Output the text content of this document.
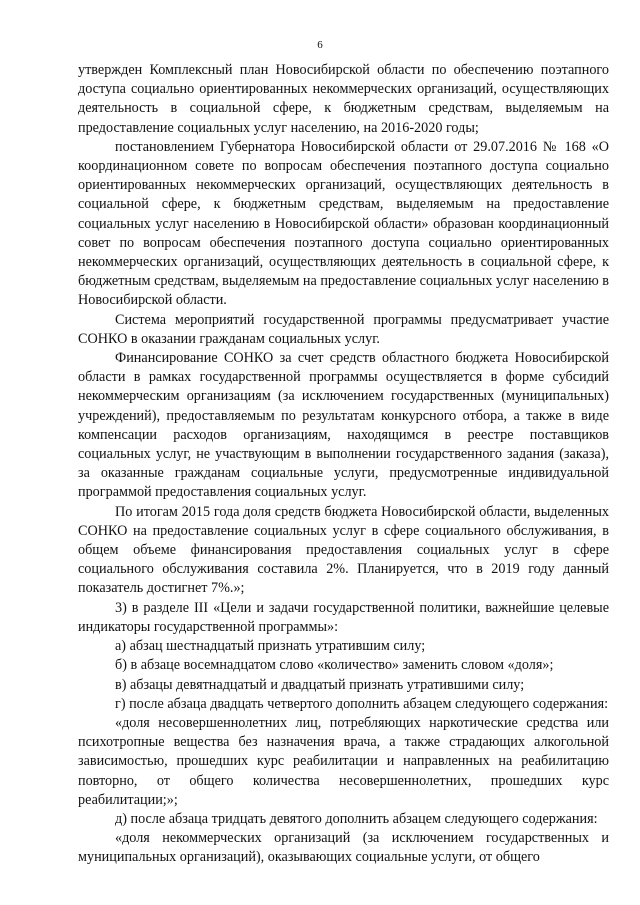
6

утвержден Комплексный план Новосибирской области по обеспечению поэтапного доступа социально ориентированных некоммерческих организаций, осуществляющих деятельность в социальной сфере, к бюджетным средствам, выделяемым на предоставление социальных услуг населению, на 2016-2020 годы;

постановлением Губернатора Новосибирской области от 29.07.2016 № 168 «О координационном совете по вопросам обеспечения поэтапного доступа социально ориентированных некоммерческих организаций, осуществляющих деятельность в социальной сфере, к бюджетным средствам, выделяемым на предоставление социальных услуг населению в Новосибирской области» образован координационный совет по вопросам обеспечения поэтапного доступа социально ориентированных некоммерческих организаций, осуществляющих деятельность в социальной сфере, к бюджетным средствам, выделяемым на предоставление социальных услуг населению в Новосибирской области.

Система мероприятий государственной программы предусматривает участие СОНКО в оказании гражданам социальных услуг.

Финансирование СОНКО за счет средств областного бюджета Новосибирской области в рамках государственной программы осуществляется в форме субсидий некоммерческим организациям (за исключением государственных (муниципальных) учреждений), предоставляемым по результатам конкурсного отбора, а также в виде компенсации расходов организациям, находящимся в реестре поставщиков социальных услуг, не участвующим в выполнении государственного задания (заказа), за оказанные гражданам социальные услуги, предусмотренные индивидуальной программой предоставления социальных услуг.

По итогам 2015 года доля средств бюджета Новосибирской области, выделенных СОНКО на предоставление социальных услуг в сфере социального обслуживания, в общем объеме финансирования предоставления социальных услуг в сфере социального обслуживания составила 2%. Планируется, что в 2019 году данный показатель достигнет 7%.»;

3) в разделе III «Цели и задачи государственной политики, важнейшие целевые индикаторы государственной программы»:

а) абзац шестнадцатый признать утратившим силу;

б) в абзаце восемнадцатом слово «количество» заменить словом «доля»;

в) абзацы девятнадцатый и двадцатый признать утратившими силу;

г) после абзаца двадцать четвертого дополнить абзацем следующего содержания:

«доля несовершеннолетних лиц, потребляющих наркотические средства или психотропные вещества без назначения врача, а также страдающих алкогольной зависимостью, прошедших курс реабилитации и направленных на реабилитацию повторно, от общего количества несовершеннолетних, прошедших курс реабилитации;»;

д) после абзаца тридцать девятого дополнить абзацем следующего содержания:

«доля некоммерческих организаций (за исключением государственных и муниципальных организаций), оказывающих социальные услуги, от общего
